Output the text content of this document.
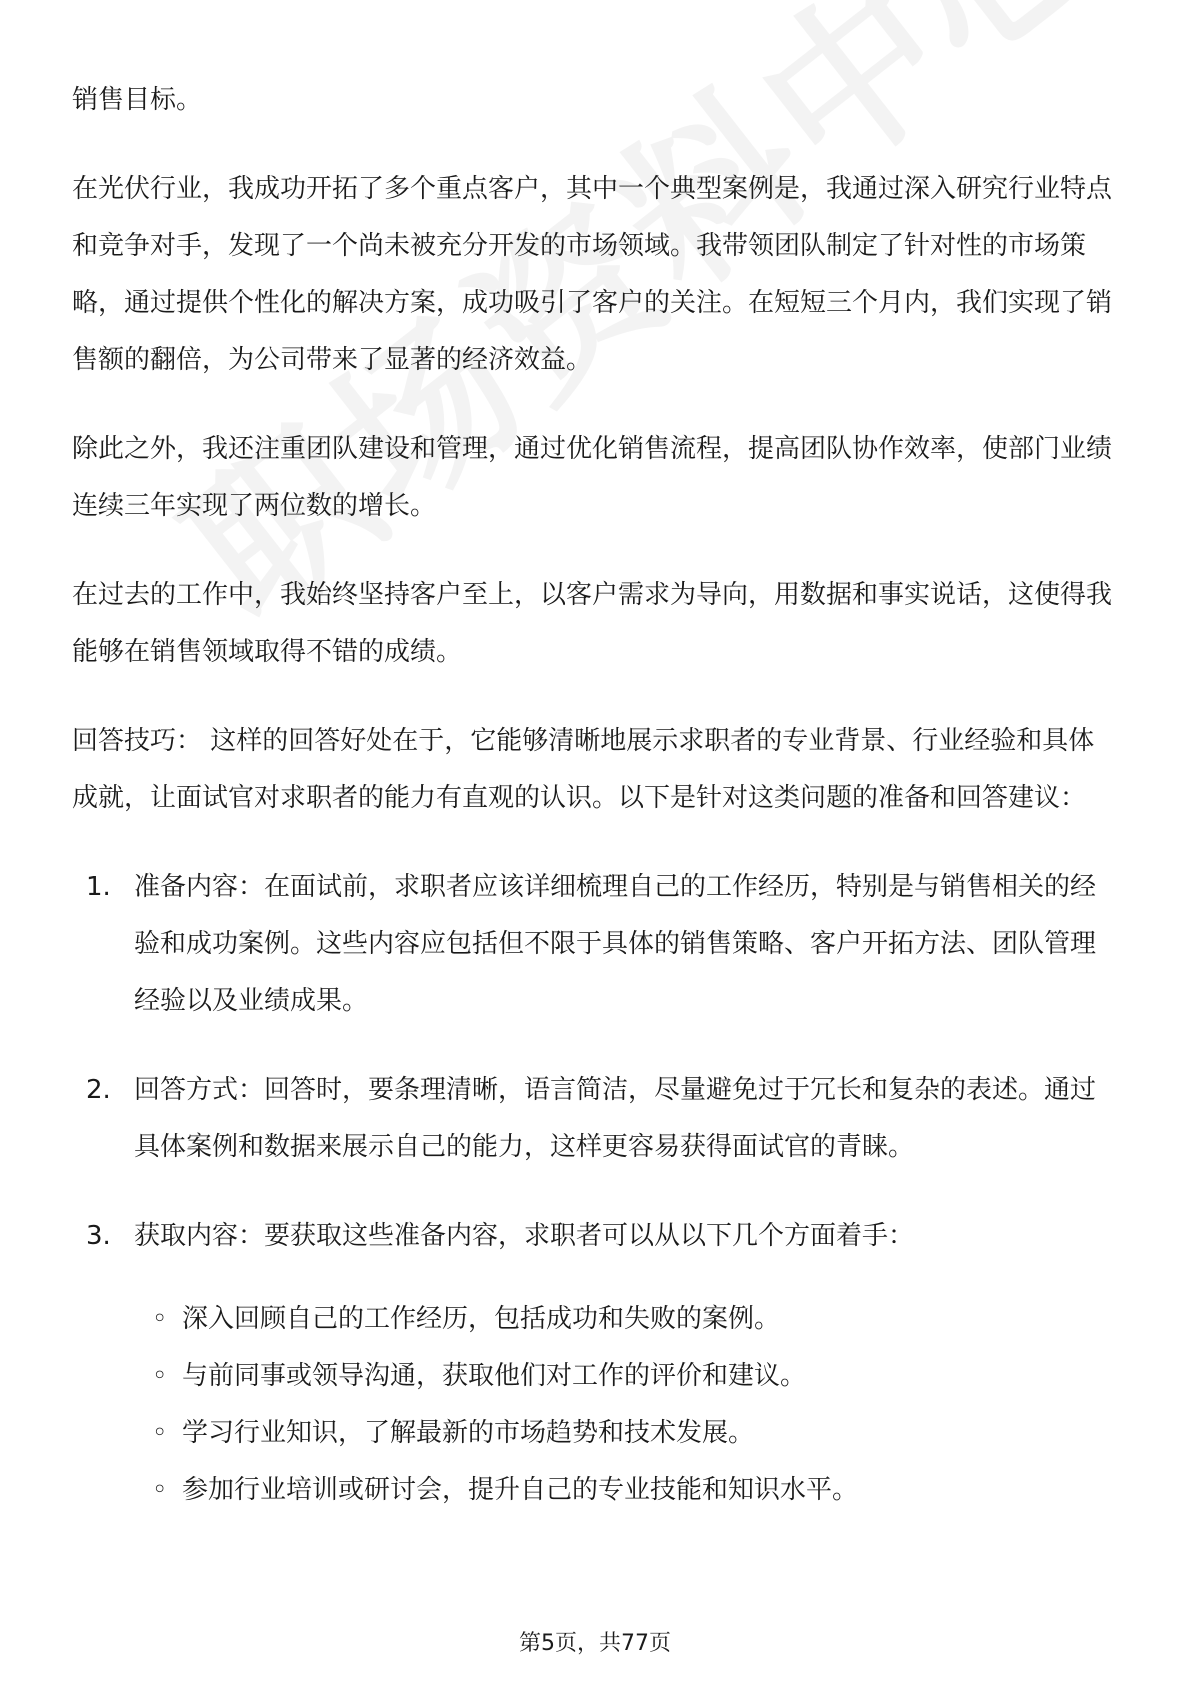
销售目标。

在光伏行业，我成功开拓了多个重点客户，其中一个典型案例是，我通过深入研究行业特点和竞争对手，发现了一个尚未被充分开发的市场领域。我带领团队制定了针对性的市场策略，通过提供个性化的解决方案，成功吸引了客户的关注。在短短三个月内，我们实现了销售额的翻倍，为公司带来了显著的经济效益。

除此之外，我还注重团队建设和管理，通过优化销售流程，提高团队协作效率，使部门业绩连续三年实现了两位数的增长。

在过去的工作中，我始终坚持客户至上，以客户需求为导向，用数据和事实说话，这使得我能够在销售领域取得不错的成绩。

回答技巧： 这样的回答好处在于，它能够清晰地展示求职者的专业背景、行业经验和具体成就，让面试官对求职者的能力有直观的认识。以下是针对这类问题的准备和回答建议：

1. 准备内容：在面试前，求职者应该详细梳理自己的工作经历，特别是与销售相关的经验和成功案例。这些内容应包括但不限于具体的销售策略、客户开拓方法、团队管理经验以及业绩成果。
2. 回答方式：回答时，要条理清晰，语言简洁，尽量避免过于冗长和复杂的表述。通过具体案例和数据来展示自己的能力，这样更容易获得面试官的青睐。
3. 获取内容：要获取这些准备内容，求职者可以从以下几个方面着手：
◦ 深入回顾自己的工作经历，包括成功和失败的案例。
◦ 与前同事或领导沟通，获取他们对工作的评价和建议。
◦ 学习行业知识，了解最新的市场趋势和技术发展。
◦ 参加行业培训或研讨会，提升自己的专业技能和知识水平。
第5页，共77页
